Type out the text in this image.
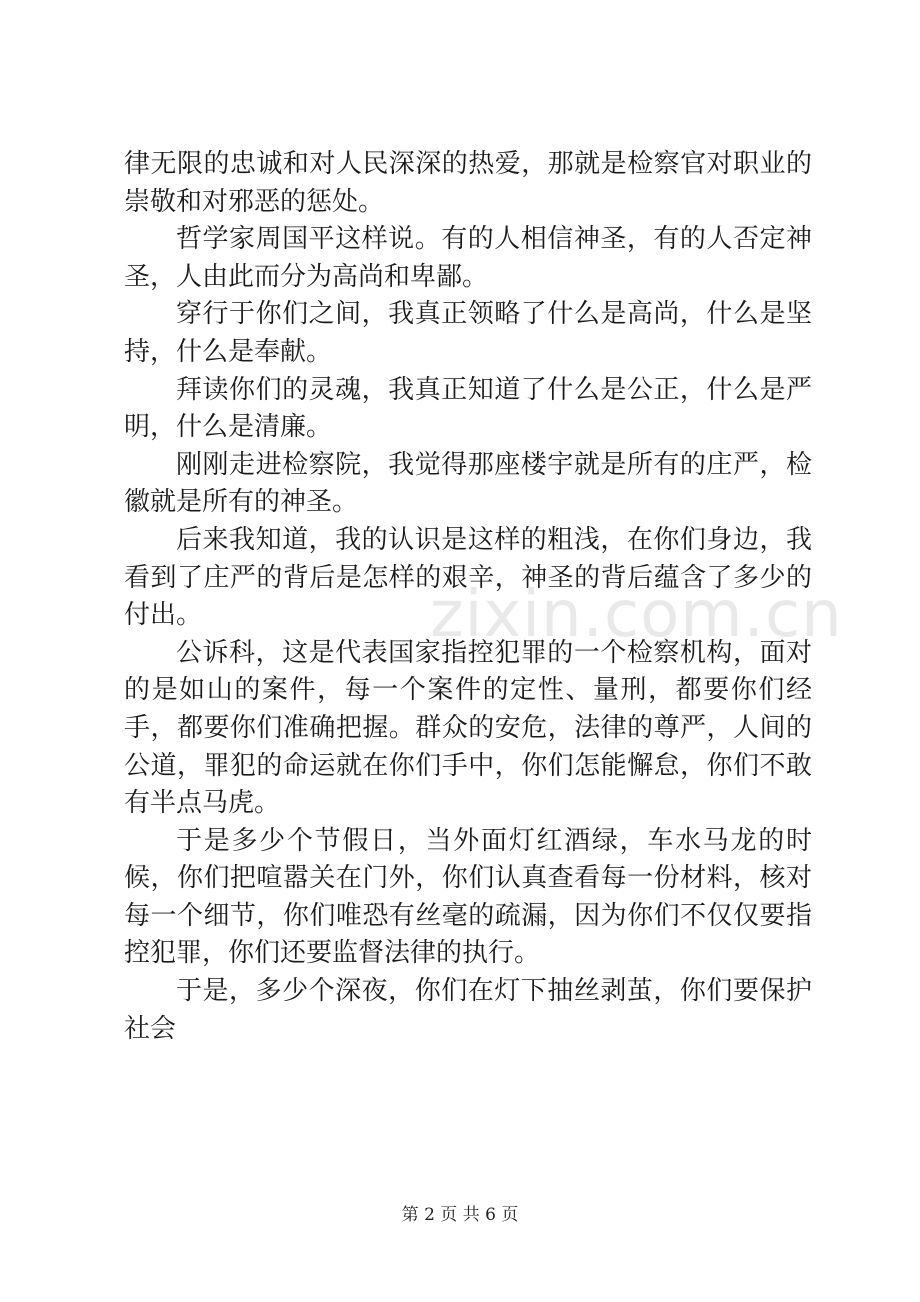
律无限的忠诚和对人民深深的热爱，那就是检察官对职业的崇敬和对邪恶的惩处。

哲学家周国平这样说。有的人相信神圣，有的人否定神圣，人由此而分为高尚和卑鄙。

穿行于你们之间，我真正领略了什么是高尚，什么是坚持，什么是奉献。

拜读你们的灵魂，我真正知道了什么是公正，什么是严明，什么是清廉。

刚刚走进检察院，我觉得那座楼宇就是所有的庄严，检徽就是所有的神圣。

后来我知道，我的认识是这样的粗浅，在你们身边，我看到了庄严的背后是怎样的艰辛，神圣的背后蕴含了多少的付出。

公诉科，这是代表国家指控犯罪的一个检察机构，面对的是如山的案件，每一个案件的定性、量刑，都要你们经手，都要你们准确把握。群众的安危，法律的尊严，人间的公道，罪犯的命运就在你们手中，你们怎能懈怠，你们不敢有半点马虎。

于是多少个节假日，当外面灯红酒绿，车水马龙的时候，你们把喧嚣关在门外，你们认真查看每一份材料，核对每一个细节，你们唯恐有丝毫的疏漏，因为你们不仅仅要指控犯罪，你们还要监督法律的执行。

于是，多少个深夜，你们在灯下抽丝剥茧，你们要保护社会

zixin.com.cn
第 2 页 共 6 页
